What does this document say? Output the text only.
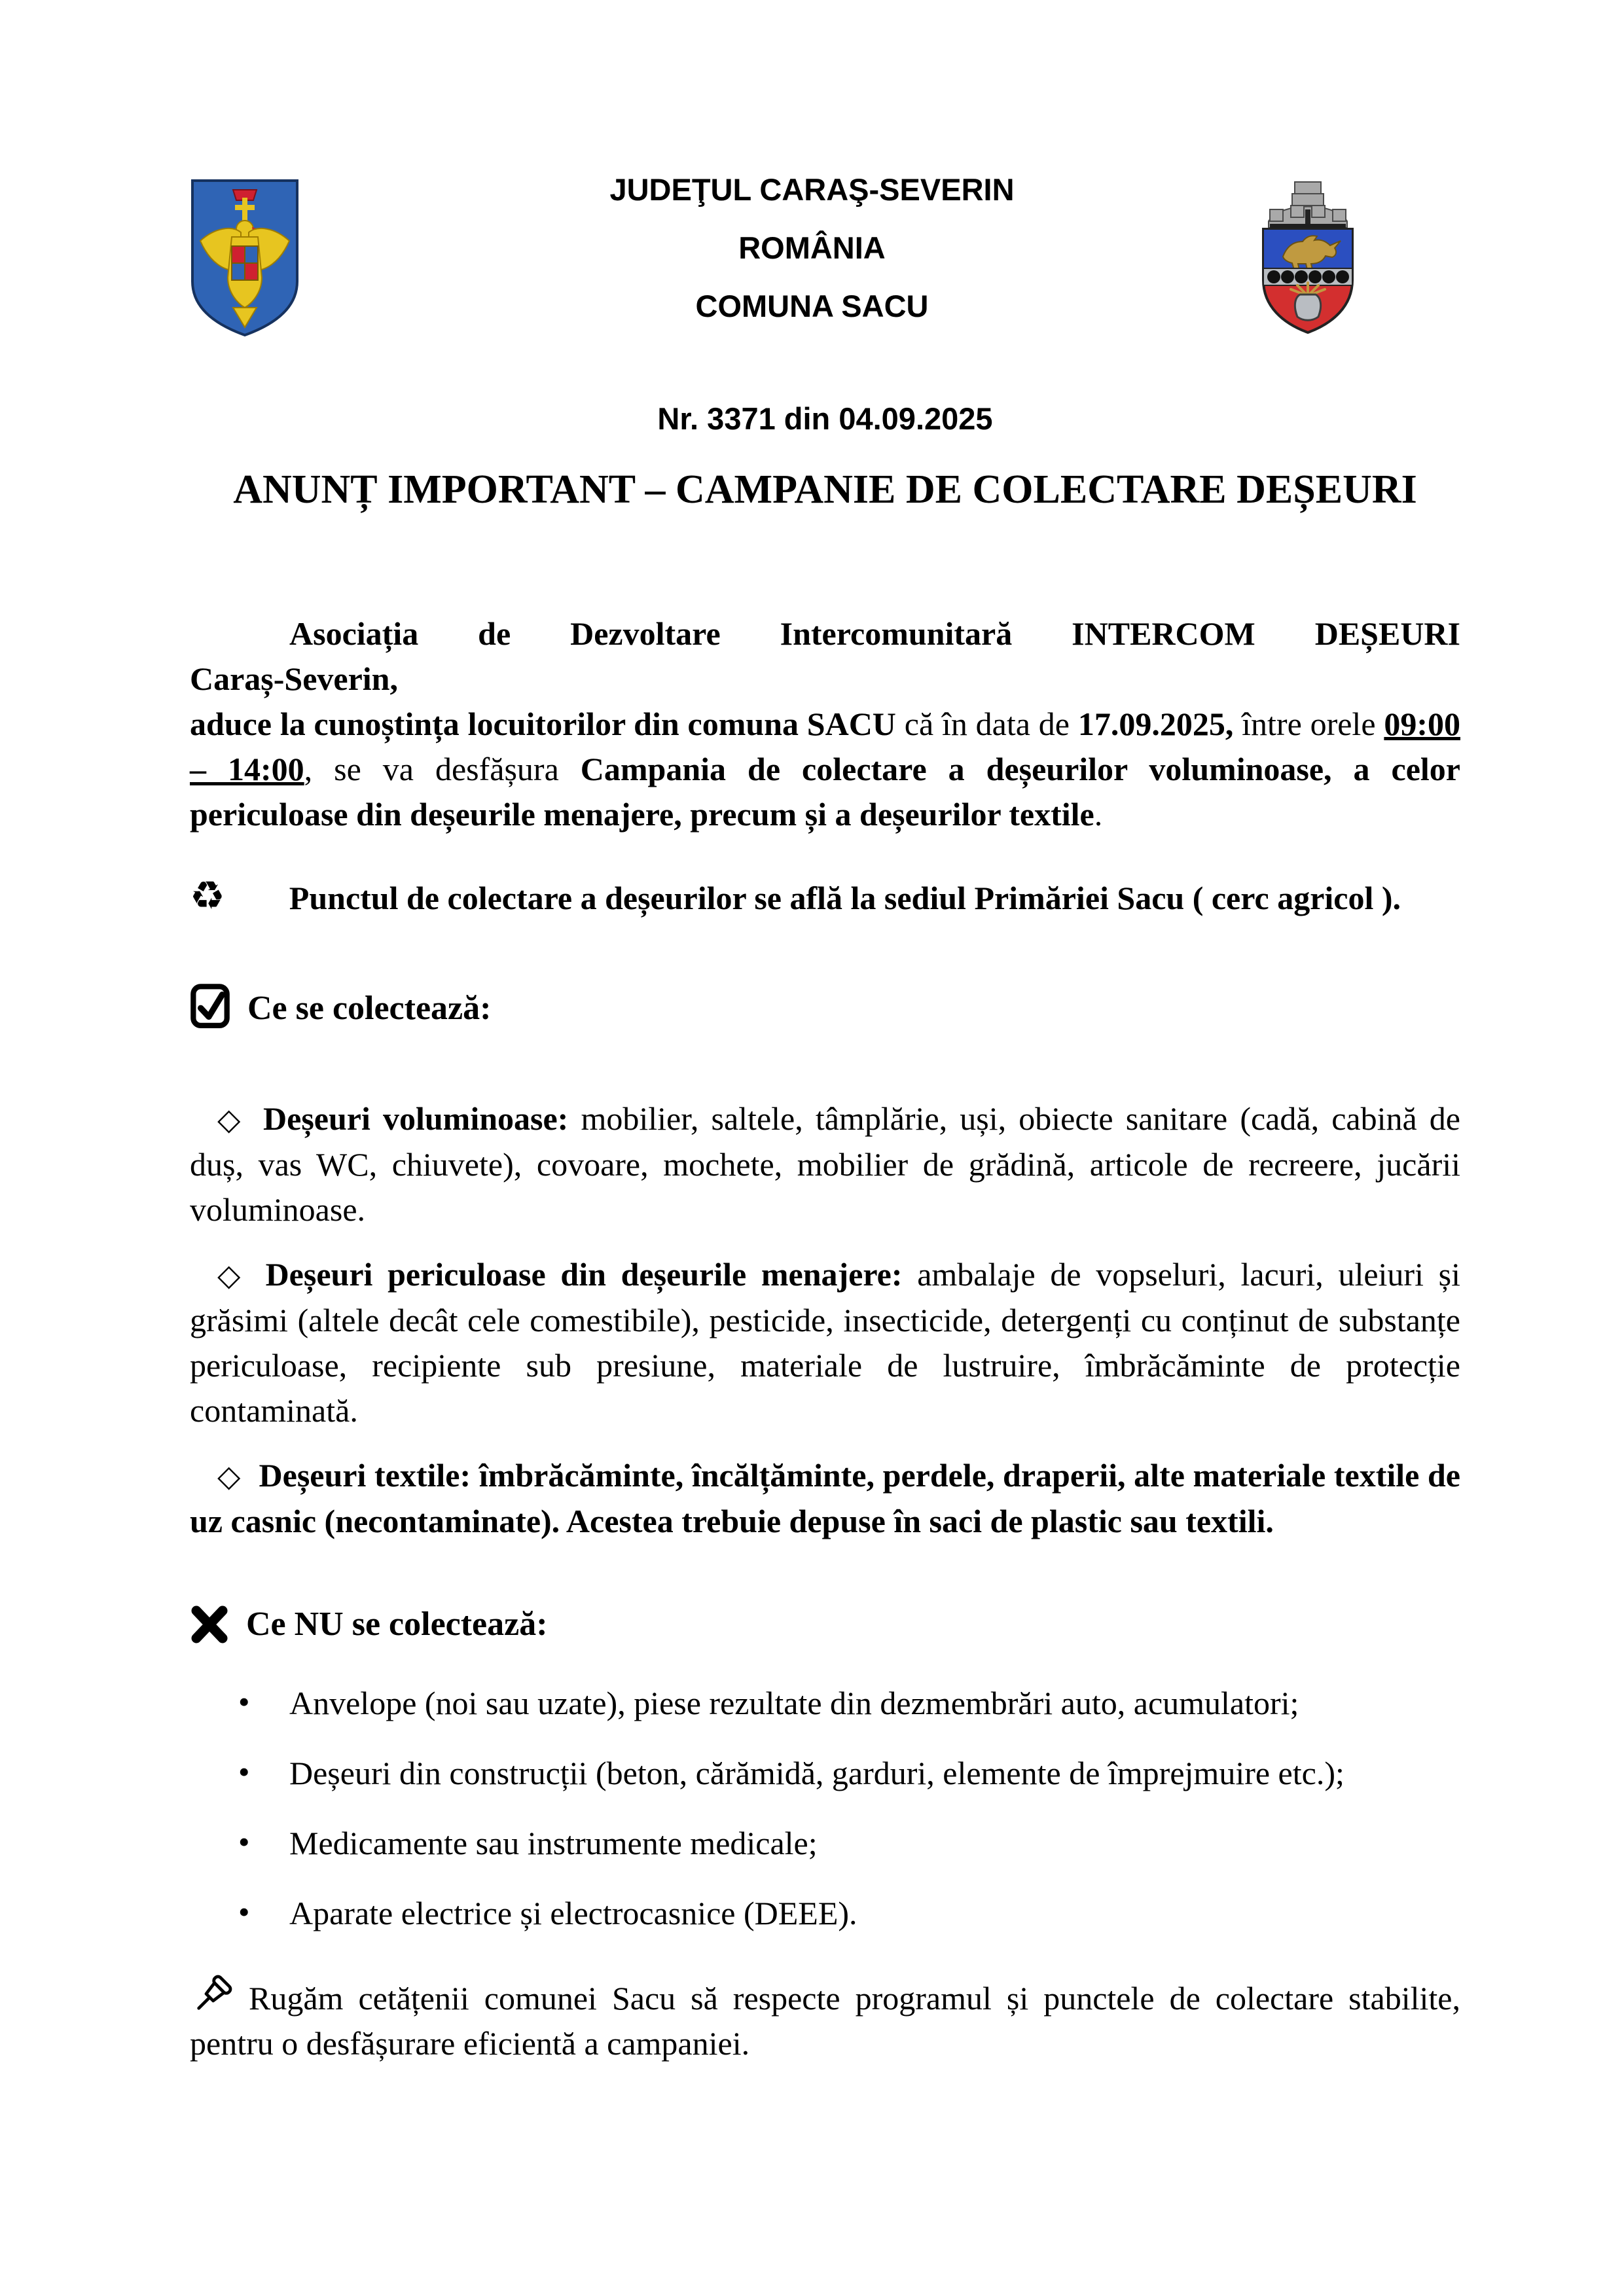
JUDEŢUL CARAŞ-SEVERIN
ROMÂNIA
COMUNA SACU
Nr. 3371 din 04.09.2025
ANUNȚ IMPORTANT – CAMPANIE DE COLECTARE DEȘEURI

Asociația de Dezvoltare Intercomunitară INTERCOM DEȘEURI

Caraș-Severin,
aduce la cunoștința locuitorilor din comuna SACU că în data de 17.09.2025, între orele 09:00 – 14:00, se va desfășura Campania de colectare a deșeurilor voluminoase, a celor periculoase din deșeurile menajere, precum și a deșeurilor textile.

♻ Punctul de colectare a deșeurilor se află la sediul Primăriei Sacu ( cerc agricol ).

Ce se colectează:

◇ Deșeuri voluminoase: mobilier, saltele, tâmplărie, uși, obiecte sanitare (cadă, cabină de duș, vas WC, chiuvete), covoare, mochete, mobilier de grădină, articole de recreere, jucării voluminoase.

◇ Deșeuri periculoase din deșeurile menajere: ambalaje de vopseluri, lacuri, uleiuri și grăsimi (altele decât cele comestibile), pesticide, insecticide, detergenți cu conținut de substanțe periculoase, recipiente sub presiune, materiale de lustruire, îmbrăcăminte de protecție contaminată.

◇ Deșeuri textile: îmbrăcăminte, încălțăminte, perdele, draperii, alte materiale textile de uz casnic (necontaminate). Acestea trebuie depuse în saci de plastic sau textili.

Ce NU se colectează:

• Anvelope (noi sau uzate), piese rezultate din dezmembrări auto, acumulatori;
• Deșeuri din construcții (beton, cărămidă, garduri, elemente de împrejmuire etc.);
• Medicamente sau instrumente medicale;
• Aparate electrice și electrocasnice (DEEE).

Rugăm cetățenii comunei Sacu să respecte programul și punctele de colectare stabilite, pentru o desfășurare eficientă a campaniei.
